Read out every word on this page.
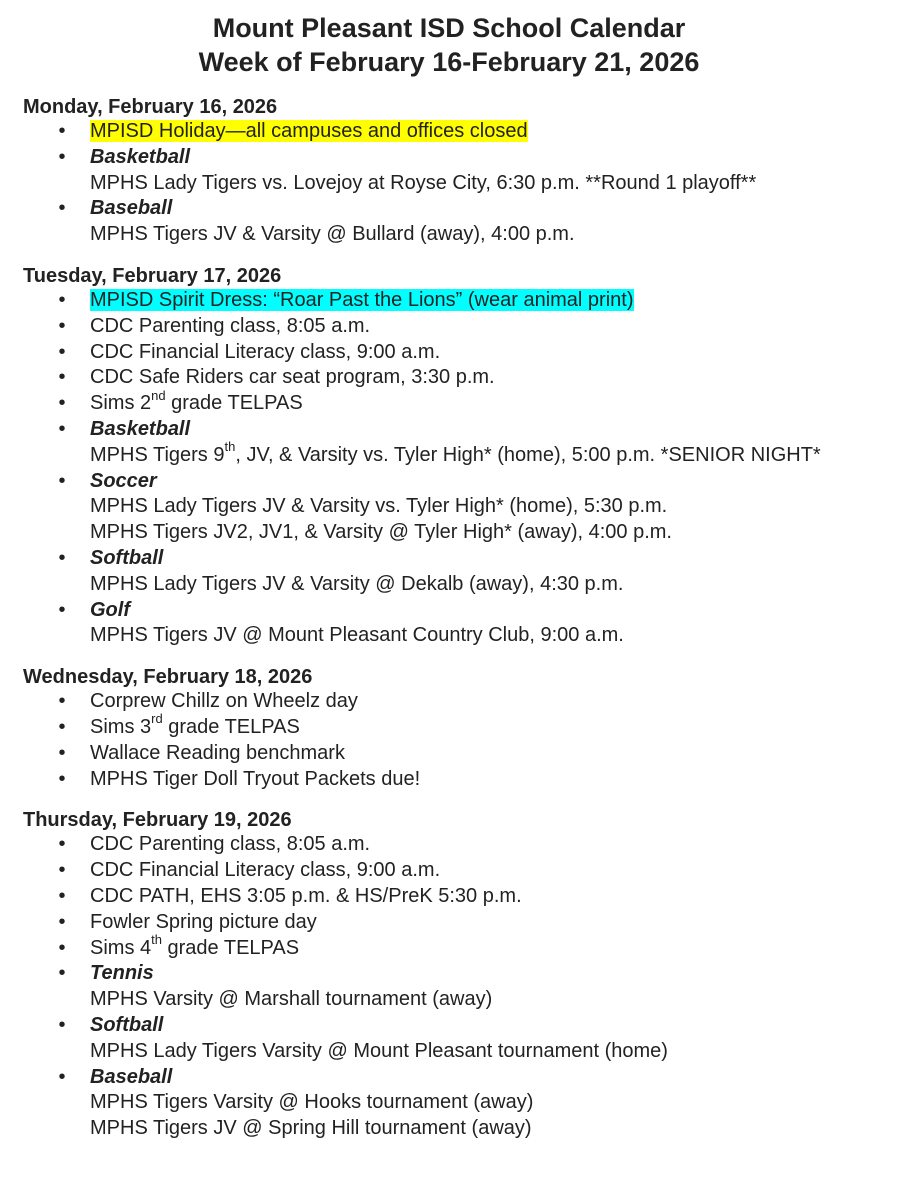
Mount Pleasant ISD School Calendar
Week of February 16-February 21, 2026
Monday, February 16, 2026
• MPISD Holiday—all campuses and offices closed
• Basketball
MPHS Lady Tigers vs. Lovejoy at Royse City, 6:30 p.m. **Round 1 playoff**
• Baseball
MPHS Tigers JV & Varsity @ Bullard (away), 4:00 p.m.
Tuesday, February 17, 2026
• MPISD Spirit Dress: “Roar Past the Lions” (wear animal print)
• CDC Parenting class, 8:05 a.m.
• CDC Financial Literacy class, 9:00 a.m.
• CDC Safe Riders car seat program, 3:30 p.m.
• Sims 2nd grade TELPAS
• Basketball
MPHS Tigers 9th, JV, & Varsity vs. Tyler High* (home), 5:00 p.m. *SENIOR NIGHT*
• Soccer
MPHS Lady Tigers JV & Varsity vs. Tyler High* (home), 5:30 p.m.
MPHS Tigers JV2, JV1, & Varsity @ Tyler High* (away), 4:00 p.m.
• Softball
MPHS Lady Tigers JV & Varsity @ Dekalb (away), 4:30 p.m.
• Golf
MPHS Tigers JV @ Mount Pleasant Country Club, 9:00 a.m.
Wednesday, February 18, 2026
• Corprew Chillz on Wheelz day
• Sims 3rd grade TELPAS
• Wallace Reading benchmark
• MPHS Tiger Doll Tryout Packets due!
Thursday, February 19, 2026
• CDC Parenting class, 8:05 a.m.
• CDC Financial Literacy class, 9:00 a.m.
• CDC PATH, EHS 3:05 p.m. & HS/PreK 5:30 p.m.
• Fowler Spring picture day
• Sims 4th grade TELPAS
• Tennis
MPHS Varsity @ Marshall tournament (away)
• Softball
MPHS Lady Tigers Varsity @ Mount Pleasant tournament (home)
• Baseball
MPHS Tigers Varsity @ Hooks tournament (away)
MPHS Tigers JV @ Spring Hill tournament (away)
